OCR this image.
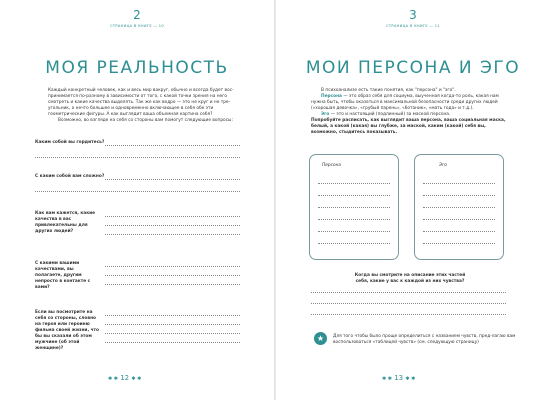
2
СТРАНИЦА В КНИГЕ — 10
МОЯ РЕАЛЬНОСТЬ
Каждый конкретный человек, как и весь мир вокруг, обычно и всегда будет вос-принимается по-разному в зависимости от того, с какой точки зрения на него смотреть и какие качества выделять. Так же как ведро — это не круг и не тре-угольник, а нечто большее и одновременно включающее в себя обе эти геометрические фигуры. А как выглядит ваша объемная картина себя?
Возможно, во взгляде на себя со стороны вам помогут следующие вопросы:
Каким собой вы гордитесь?
С каким собой вам сложно?
Как вам кажется, какие качества в вас привлекательны для других людей?
С какими вашими качествами, вы полагаете, другим непросто в контакте с вами?
Если вы посмотрите на себя со стороны, словно на героя или героиню фильма своей жизни, что бы вы сказали об этом мужчине (об этой женщине)?
✱ ✱ 12 ✱ ✱
3
СТРАНИЦА В КНИГЕ — 11
МОИ ПЕРСОНА И ЭГО
В психоанализе есть такие понятия, как "персона" и "эго".
Персона — это образ себя для социума, выученная когда-то роль, какая нам нужна быть, чтобы оказаться в максимальной безопасности среди других людей («хорошая девочка», «грубый парень», «ботаник», «мать года» и т.д.).
Эго — это и настоящий (подлинный) за маской персона.
Попробуйте расписать, как выглядит ваша персона, ваша социальная маска, белый, а какой (какая) вы глубже, за маской, каким (какой) себя вы, возможно, стыдитесь показывать.
Персона	Эго
Когда вы смотрите на описание этих частей себя, какие у вас к каждой из них чувства?
★	Для того чтобы было проще определиться с названием чувств, пред-лагаю вам воспользоваться «таблицей чувств» (см. следующую страницу)
✱ ✱ 13 ✱ ✱
